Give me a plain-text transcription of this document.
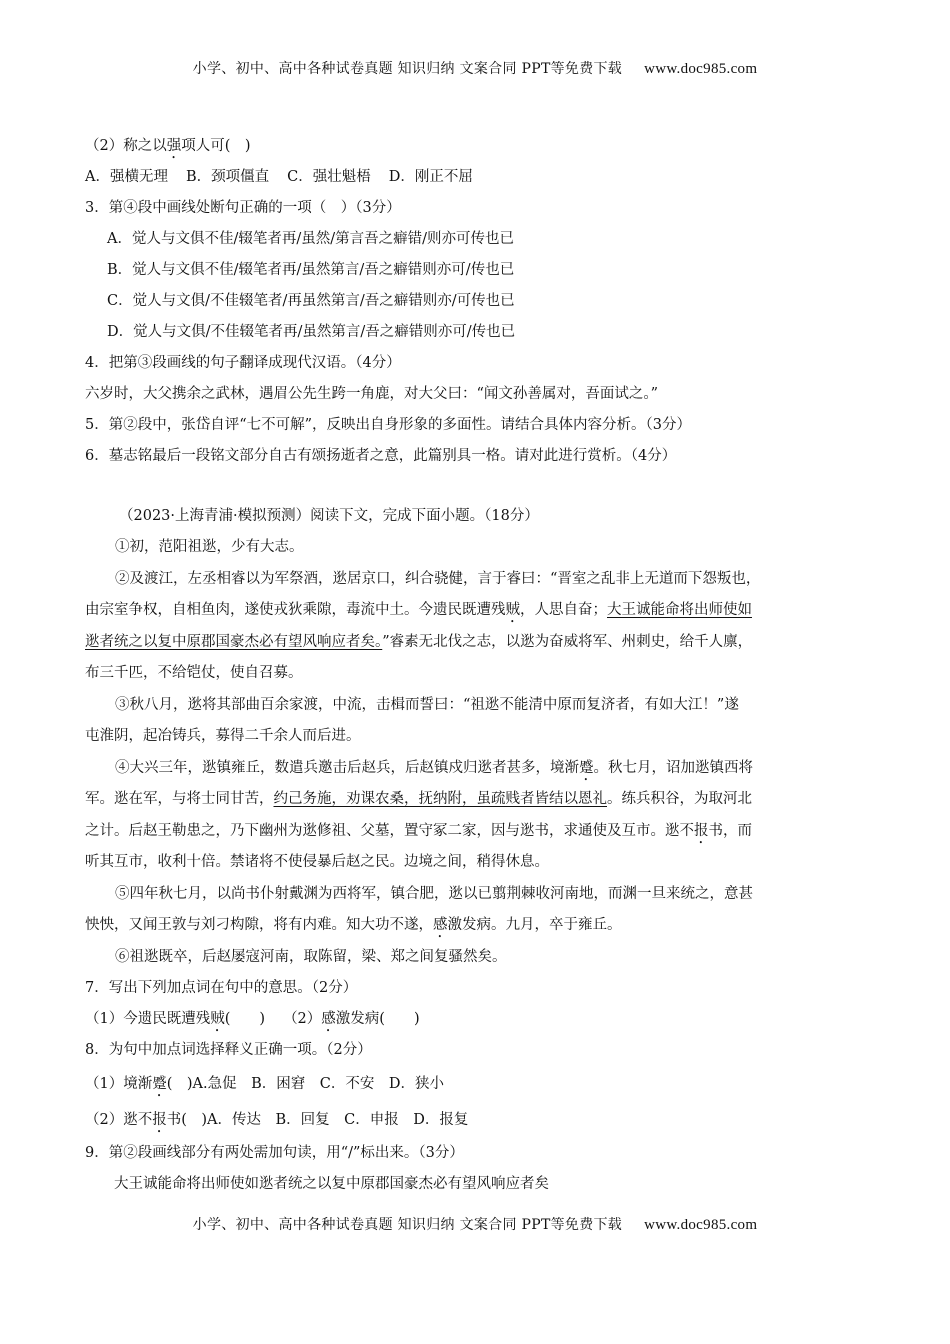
小学、初中、高中各种试卷真题 知识归纳 文案合同 PPT等免费下载 www.doc985.com
（2）称之以强项人可(　)
A．强横无理 B．颈项僵直 C．强壮魁梧 D．刚正不屈
3．第④段中画线处断句正确的一项（　）（3分）
A．觉人与文俱不佳/辍笔者再/虽然/第言吾之癖错/则亦可传也已
B．觉人与文俱不佳/辍笔者再/虽然第言/吾之癖错则亦可/传也已
C．觉人与文俱/不佳辍笔者/再虽然第言/吾之癖错则亦/可传也已
D．觉人与文俱/不佳辍笔者再/虽然第言/吾之癖错则亦可/传也已
4．把第③段画线的句子翻译成现代汉语。（4分）
六岁时，大父携余之武林，遇眉公先生跨一角鹿，对大父曰：“闻文孙善属对，吾面试之。”
5．第②段中，张岱自评“七不可解”，反映出自身形象的多面性。请结合具体内容分析。（3分）
6．墓志铭最后一段铭文部分自古有颂扬逝者之意，此篇别具一格。请对此进行赏析。（4分）
（2023·上海青浦·模拟预测）阅读下文，完成下面小题。（18分）
①初，范阳祖逖，少有大志。
②及渡江，左丞相睿以为军祭酒，逖居京口，纠合骁健，言于睿曰：“晋室之乱非上无道而下怨叛也，
由宗室争权，自相鱼肉，遂使戎狄乘隙，毒流中土。今遗民既遭残贼，人思自奋；大王诚能命将出师使如
逖者统之以复中原郡国豪杰必有望风响应者矣。”睿素无北伐之志，以逖为奋威将军、州刺史，给千人廪，
布三千匹，不给铠仗，使自召募。
③秋八月，逖将其部曲百余家渡，中流，击楫而誓曰：“祖逖不能清中原而复济者，有如大江！”遂
屯淮阴，起冶铸兵，募得二千余人而后进。
④大兴三年，逖镇雍丘，数遣兵邀击后赵兵，后赵镇戍归逖者甚多，境渐蹙。秋七月，诏加逖镇西将
军。逖在军，与将士同甘苦，约己务施，劝课农桑，抚纳附，虽疏贱者皆结以恩礼。练兵积谷，为取河北
之计。后赵王勒患之，乃下幽州为逖修祖、父墓，置守冢二家，因与逖书，求通使及互市。逖不报书，而
听其互市，收利十倍。禁诸将不使侵暴后赵之民。边境之间，稍得休息。
⑤四年秋七月，以尚书仆射戴渊为西将军，镇合肥，逖以已翦荆棘收河南地，而渊一旦来统之，意甚
怏怏，又闻王敦与刘刁构隙，将有内难。知大功不遂，感激发病。九月，卒于雍丘。
⑥祖逖既卒，后赵屡寇河南，取陈留，梁、郑之间复骚然矣。
7．写出下列加点词在句中的意思。（2分）
（1）今遗民既遭残贼(　　) （2）感激发病(　　)
8．为句中加点词选择释义正确一项。（2分）
（1）境渐蹙(　)A.急促　B．困窘　C．不安　D．狭小
（2）逖不报书(　)A．传达　B．回复　C．申报　D．报复
9．第②段画线部分有两处需加句读，用“/”标出来。（3分）
大王诚能命将出师使如逖者统之以复中原郡国豪杰必有望风响应者矣
小学、初中、高中各种试卷真题 知识归纳 文案合同 PPT等免费下载 www.doc985.com
